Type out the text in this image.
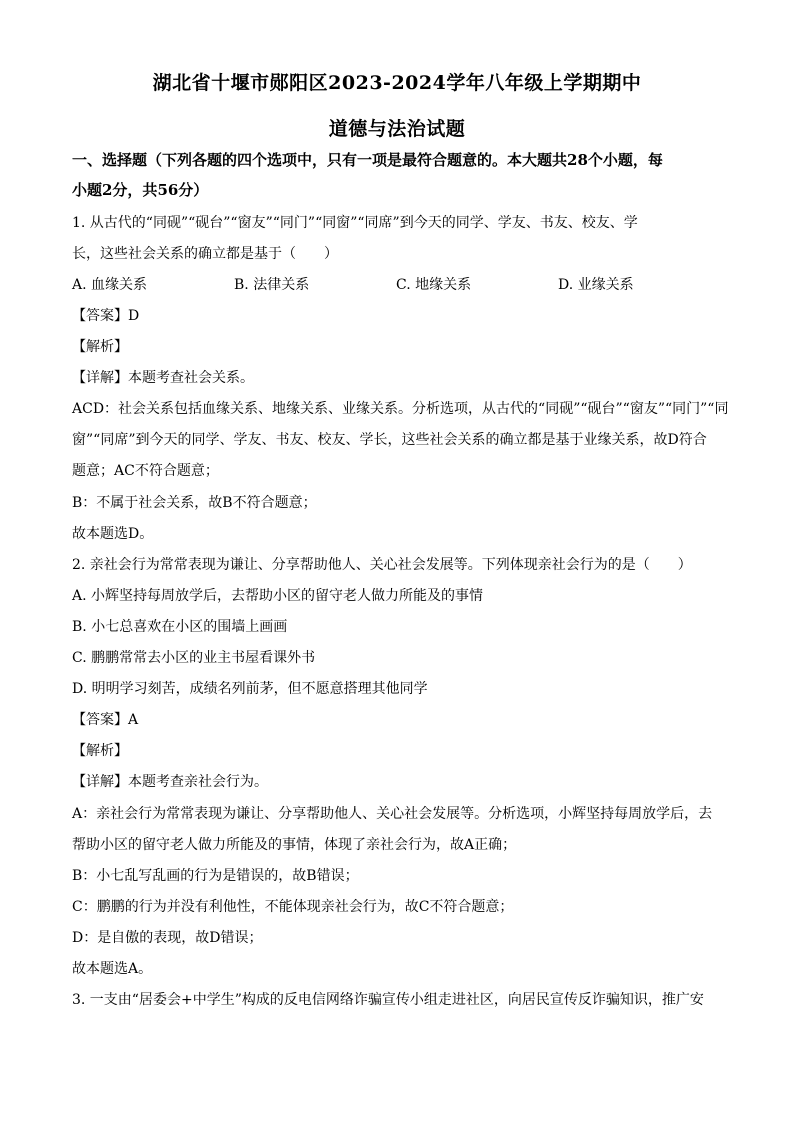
湖北省十堰市郧阳区2023-2024学年八年级上学期期中
道德与法治试题
一、选择题（下列各题的四个选项中，只有一项是最符合题意的。本大题共28个小题，每
小题2分，共56分）
1. 从古代的“同砚”“砚台”“窗友”“同门”“同窗”“同席”到今天的同学、学友、书友、校友、学
长，这些社会关系的确立都是基于（　　）
A. 血缘关系	B. 法律关系	C. 地缘关系	D. 业缘关系
【答案】D
【解析】
【详解】本题考查社会关系。
ACD：社会关系包括血缘关系、地缘关系、业缘关系。分析选项，从古代的“同砚”“砚台”“窗友”“同门”“同
窗”“同席”到今天的同学、学友、书友、校友、学长，这些社会关系的确立都是基于业缘关系，故D符合
题意；AC不符合题意；
B：不属于社会关系，故B不符合题意；
故本题选D。
2. 亲社会行为常常表现为谦让、分享帮助他人、关心社会发展等。下列体现亲社会行为的是（　　）
A. 小辉坚持每周放学后，去帮助小区的留守老人做力所能及的事情
B. 小七总喜欢在小区的围墙上画画
C. 鹏鹏常常去小区的业主书屋看课外书
D. 明明学习刻苦，成绩名列前茅，但不愿意搭理其他同学
【答案】A
【解析】
【详解】本题考查亲社会行为。
A：亲社会行为常常表现为谦让、分享帮助他人、关心社会发展等。分析选项，小辉坚持每周放学后，去
帮助小区的留守老人做力所能及的事情，体现了亲社会行为，故A正确；
B：小七乱写乱画的行为是错误的，故B错误；
C：鹏鹏的行为并没有利他性，不能体现亲社会行为，故C不符合题意；
D：是自傲的表现，故D错误；
故本题选A。
3. 一支由“居委会+中学生”构成的反电信网络诈骗宣传小组走进社区，向居民宣传反诈骗知识，推广安
